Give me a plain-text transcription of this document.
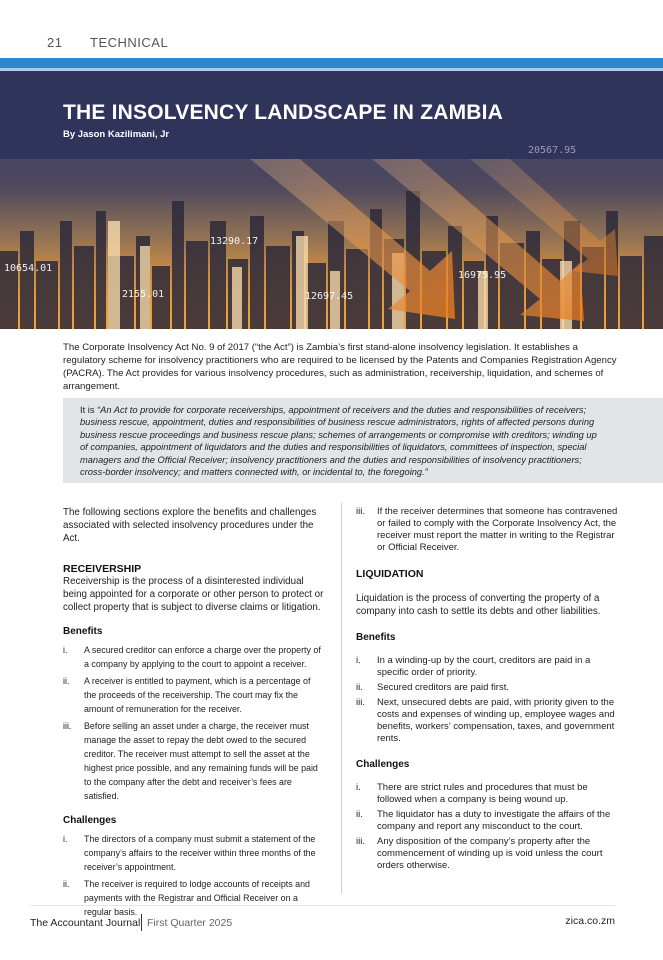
21 TECHNICAL
THE INSOLVENCY LANDSCAPE IN ZAMBIA
By Jason Kazilimani, Jr
10654.01
13290.17
2155.01	12697.45
16975.95
20567.95

The Corporate Insolvency Act No. 9 of 2017 (“the Act”) is Zambia’s first stand-alone insolvency legislation. It establishes a regulatory scheme for insolvency practitioners who are required to be licensed by the Patents and Companies Registration Agency (PACRA). The Act provides for various insolvency procedures, such as administration, receivership, liquidation, and schemes of arrangement.

It is “An Act to provide for corporate receiverships, appointment of receivers and the duties and responsibilities of receivers; business rescue, appointment, duties and responsibilities of business rescue administrators, rights of affected persons during business rescue proceedings and business rescue plans; schemes of arrangements or compromise with creditors; winding up of companies, appointment of liquidators and the duties and responsibilities of liquidators, committees of inspection, special managers and the Official Receiver; insolvency practitioners and the duties and responsibilities of insolvency practitioners; cross-border insolvency; and matters connected with, or incidental to, the foregoing.”

The following sections explore the benefits and challenges associated with selected insolvency procedures under the Act.

RECEIVERSHIP

Receivership is the process of a disinterested individual being appointed for a corporate or other person to protect or collect property that is subject to diverse claims or litigation.

Benefits
i. A secured creditor can enforce a charge over the property of a company by applying to the court to appoint a receiver.
ii. A receiver is entitled to payment, which is a percentage of the proceeds of the receivership. The court may fix the amount of remuneration for the receiver.
iii. Before selling an asset under a charge, the receiver must manage the asset to repay the debt owed to the secured creditor. The receiver must attempt to sell the asset at the highest price possible, and any remaining funds will be paid to the company after the debt and receiver’s fees are satisfied.
Challenges
i. The directors of a company must submit a statement of the company’s affairs to the receiver within three months of the receiver’s appointment.
ii. The receiver is required to lodge accounts of receipts and payments with the Registrar and Official Receiver on a regular basis.
iii. If the receiver determines that someone has contravened or failed to comply with the Corporate Insolvency Act, the receiver must report the matter in writing to the Registrar or Official Receiver.
LIQUIDATION

Liquidation is the process of converting the property of a company into cash to settle its debts and other liabilities.

Benefits
i. In a winding-up by the court, creditors are paid in a specific order of priority.
ii. Secured creditors are paid first.
iii. Next, unsecured debts are paid, with priority given to the costs and expenses of winding up, employee wages and benefits, workers’ compensation, taxes, and government rents.
Challenges
i. There are strict rules and procedures that must be followed when a company is being wound up.
ii. The liquidator has a duty to investigate the affairs of the company and report any misconduct to the court.
iii. Any disposition of the company’s property after the commencement of winding up is void unless the court orders otherwise.
The Accountant Journal First Quarter 2025	zica.co.zm
